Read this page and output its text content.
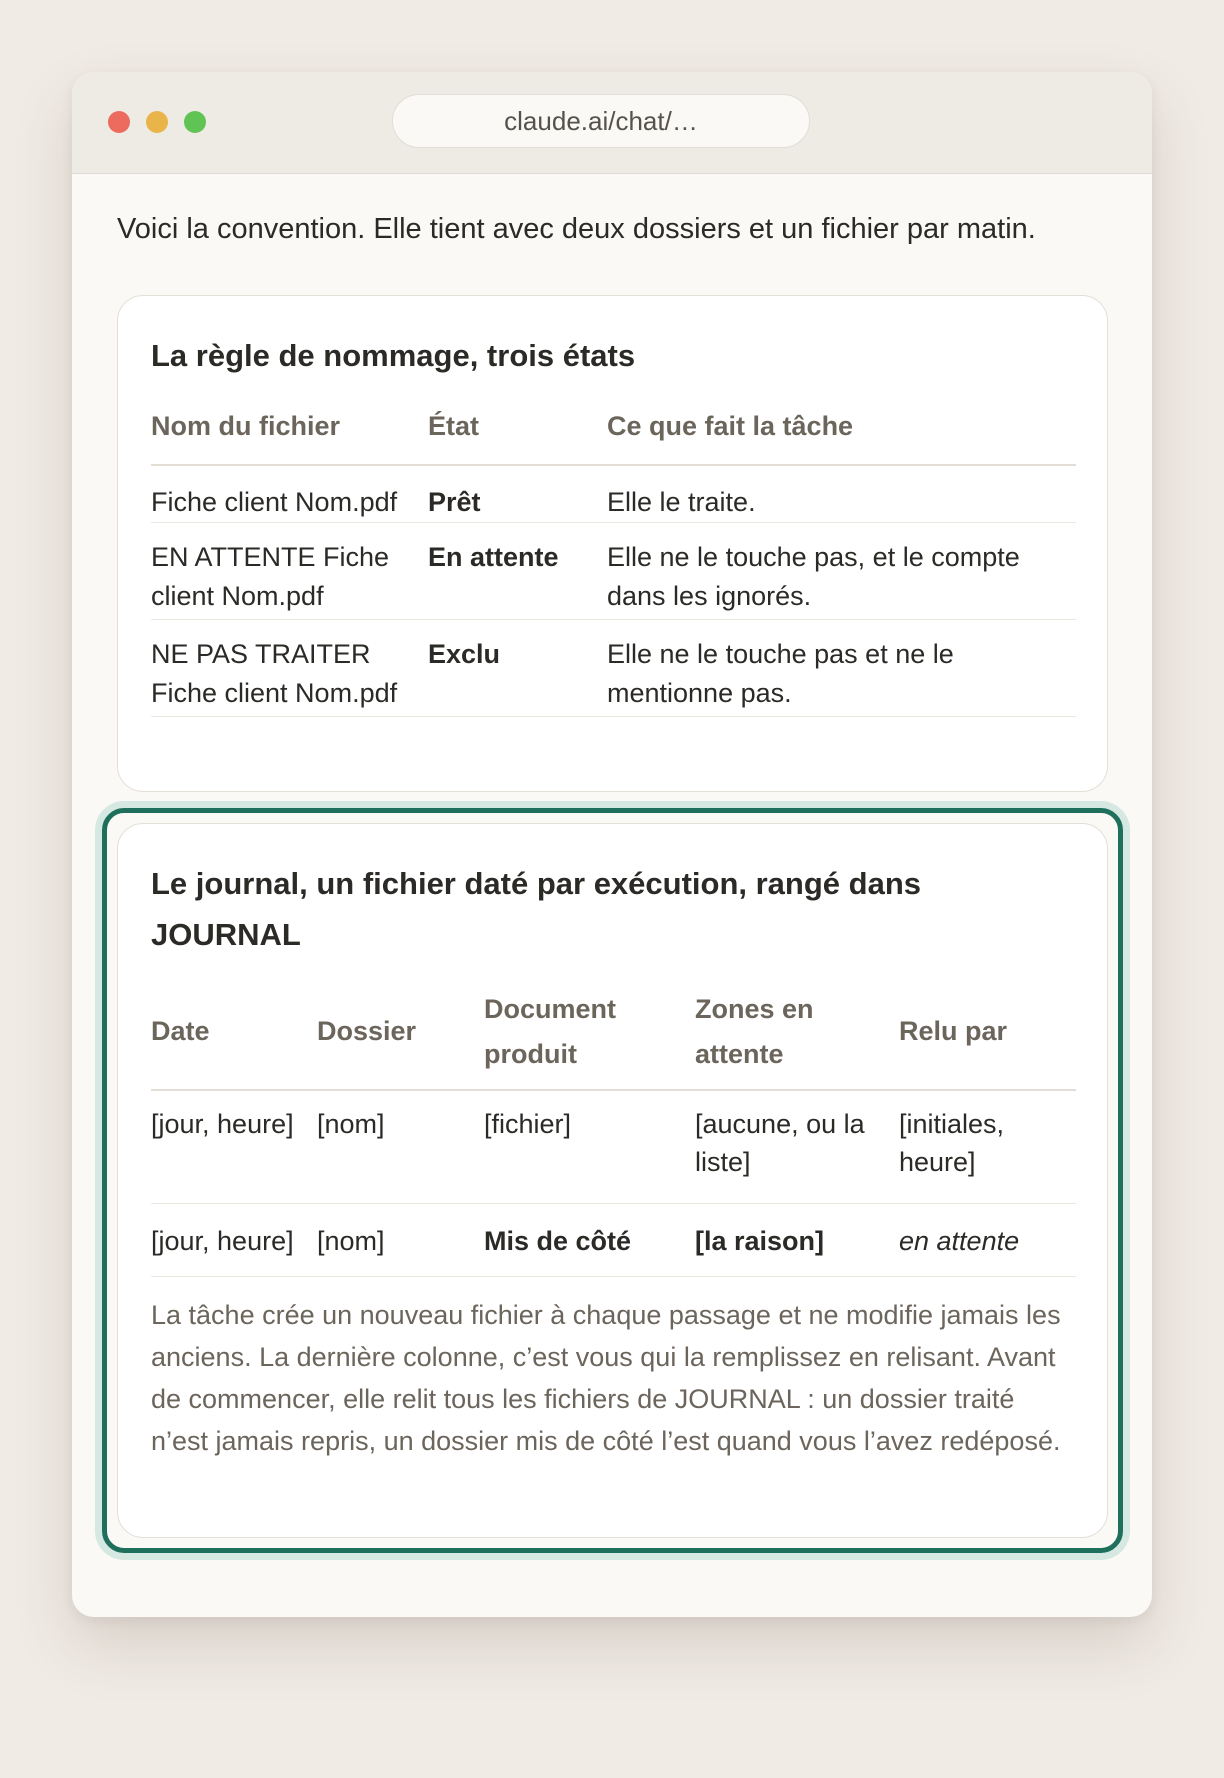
claude.ai/chat/…
Voici la convention. Elle tient avec deux dossiers et un fichier par matin.
La règle de nommage, trois états
Nom du fichier	État	Ce que fait la tâche
Fiche client Nom.pdf	Prêt	Elle le traite.
EN ATTENTE Fiche client Nom.pdf	En attente	Elle ne le touche pas, et le compte dans les ignorés.
NE PAS TRAITER Fiche client Nom.pdf	Exclu	Elle ne le touche pas et ne le mentionne pas.
Le journal, un fichier daté par exécution, rangé dans JOURNAL
Date	Dossier	Document produit	Zones en attente	Relu par
[jour, heure]	[nom]	[fichier]	[aucune, ou la liste]	[initiales, heure]
[jour, heure]	[nom]	Mis de côté	[la raison]	en attente
La tâche crée un nouveau fichier à chaque passage et ne modifie jamais les anciens. La dernière colonne, c’est vous qui la remplissez en relisant. Avant de commencer, elle relit tous les fichiers de JOURNAL : un dossier traité n’est jamais repris, un dossier mis de côté l’est quand vous l’avez redéposé.
